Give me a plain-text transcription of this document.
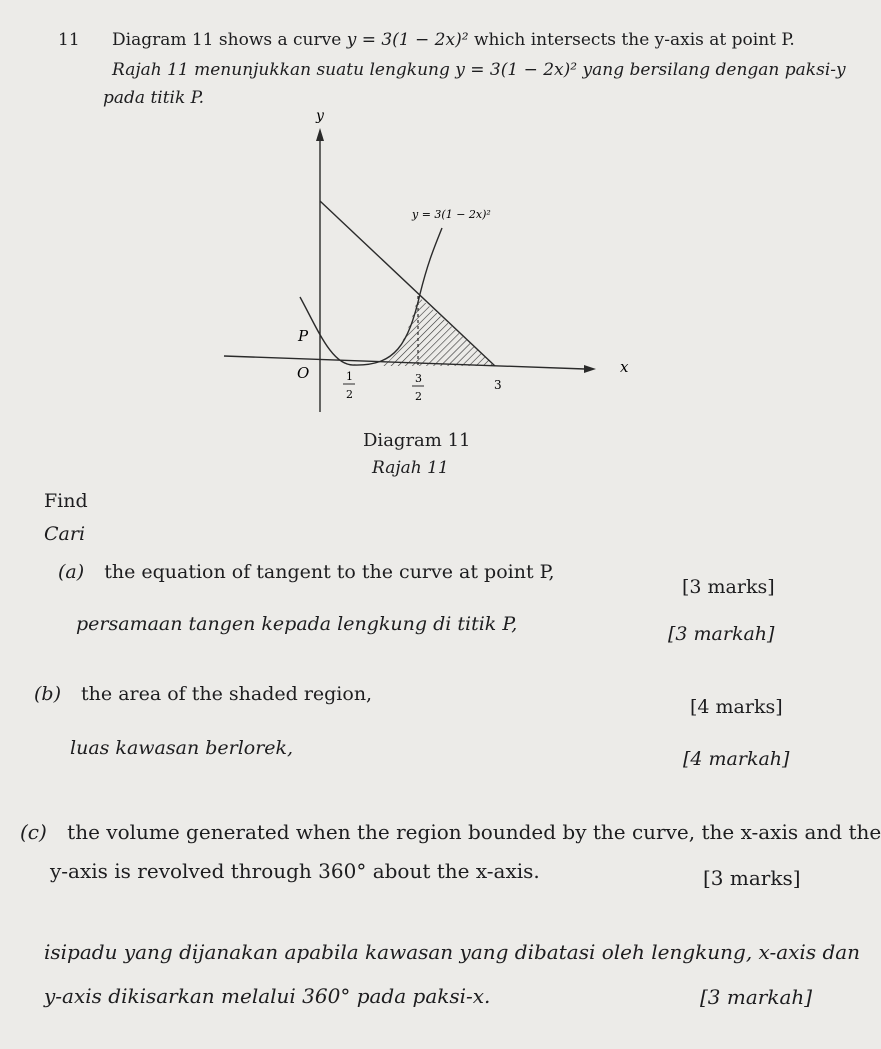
11 Diagram 11 shows a curve y = 3(1 − 2x)² which intersects the y-axis at point P.
Rajah 11 menunjukkan suatu lengkung y = 3(1 − 2x)² yang bersilang dengan paksi-y
pada titik P.
y
x
y = 3(1 − 2x)²
P
O	1
2
3
2
3
Diagram 11
Rajah 11
Find
Cari
(a) the equation of tangent to the curve at point P,
[3 marks]
persamaan tangen kepada lengkung di titik P,	[3 markah]
(b) the area of the shaded region,
[4 marks]
luas kawasan berlorek,	[4 markah]
(c) the volume generated when the region bounded by the curve, the x-axis and the
y-axis is revolved through 360° about the x-axis.	[3 marks]
isipadu yang dijanakan apabila kawasan yang dibatasi oleh lengkung, x-axis dan
y-axis dikisarkan melalui 360° pada paksi-x.	[3 markah]
